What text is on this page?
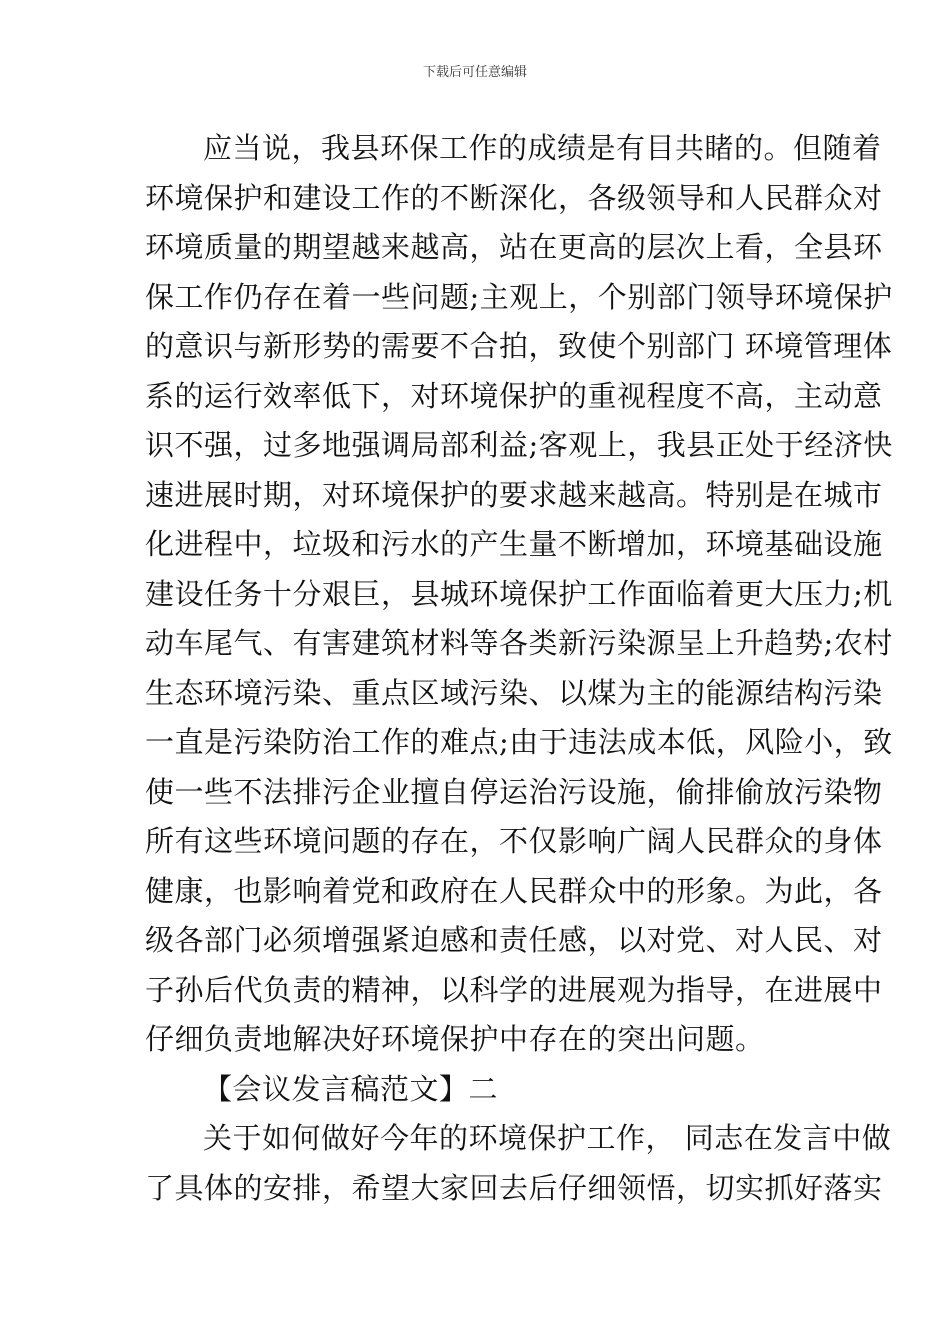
下载后可任意编辑
应当说，我县环保工作的成绩是有目共睹的。但随着
环境保护和建设工作的不断深化，各级领导和人民群众对
环境质量的期望越来越高，站在更高的层次上看，全县环
保工作仍存在着一些问题;主观上，个别部门领导环境保护
的意识与新形势的需要不合拍，致使个别部门 环境管理体
系的运行效率低下，对环境保护的重视程度不高，主动意
识不强，过多地强调局部利益;客观上，我县正处于经济快
速进展时期，对环境保护的要求越来越高。特别是在城市
化进程中，垃圾和污水的产生量不断增加，环境基础设施
建设任务十分艰巨，县城环境保护工作面临着更大压力;机
动车尾气、有害建筑材料等各类新污染源呈上升趋势;农村
生态环境污染、重点区域污染、以煤为主的能源结构污染
一直是污染防治工作的难点;由于违法成本低，风险小，致
使一些不法排污企业擅自停运治污设施，偷排偷放污染物
所有这些环境问题的存在，不仅影响广阔人民群众的身体
健康，也影响着党和政府在人民群众中的形象。为此，各
级各部门必须增强紧迫感和责任感，以对党、对人民、对
子孙后代负责的精神，以科学的进展观为指导，在进展中
仔细负责地解决好环境保护中存在的突出问题。
【会议发言稿范文】二
关于如何做好今年的环境保护工作， 同志在发言中做
了具体的安排，希望大家回去后仔细领悟，切实抓好落实
